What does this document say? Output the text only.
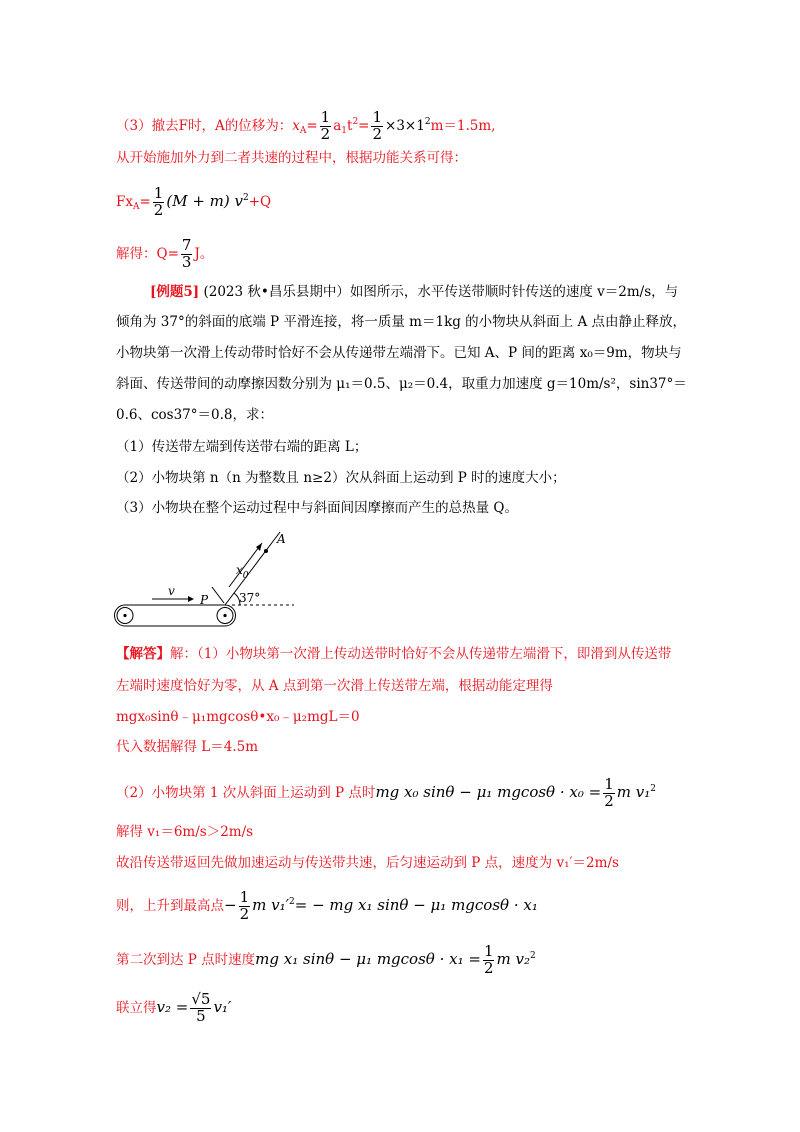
（3）撤去F时，A的位移为：$x_A= \frac{1}{2} a_1t^2= \frac{1}{2} \times 3\times 1^2m=1.5m$,
从开始施加外力到二者共速的过程中，根据功能关系可得：
$Fx_A= \frac{1}{2} (M + m)$ $v^2+Q$
解得：$Q= \frac{7}{3}$ J。
[例题5] (2023 秋•昌乐县期中）如图所示，水平传送带顺时针传送的速度 v＝2m/s，与
倾角为 37°的斜面的底端 P 平滑连接，将一质量 m＝1kg 的小物块从斜面上 A 点由静止释放，
小物块第一次滑上传动带时恰好不会从传递带左端滑下。已知 A、P 间的距离 x₀＝9m，物块与
斜面、传送带间的动摩擦因数分别为 μ₁＝0.5、μ₂＝0.4，取重力加速度 g＝10m/s²，sin37°＝
0.6、cos37°＝0.8，求：
（1）传送带左端到传送带右端的距离 L；
（2）小物块第 n（n 为整数且 n≥2）次从斜面上运动到 P 时的速度大小；
（3）小物块在整个运动过程中与斜面间因摩擦而产生的总热量 Q。
v	37°
P
A
$x_0$
【解答】解：（1）小物块第一次滑上传动送带时恰好不会从传递带左端滑下，即滑到从传送带
左端时速度恰好为零，从 A 点到第一次滑上传送带左端，根据动能定理得
mgx₀sinθ﹣μ₁mgcosθ•x₀﹣μ₂mgL＝0
代入数据解得 L＝4.5m
（2）小物块第 1 次从斜面上运动到 P 点时mg x₀ sinθ − μ₁ $mgcos\theta \cdot x_0 = \frac{1}{2}$ m v₁$^2$
解得 v₁＝6m/s＞2m/s
故沿传送带返回先做加速运动与传送带共速，后匀速运动到 P 点，速度为 v₁′＝2m/s
则，上升到最高点− $\frac{1}{2}$ m $v_1'^2=$ − mg x₁ sinθ − μ₁ mgcosθ · x₁
第二次到达 P 点时速度mg x₁ sinθ − μ₁ $mgcos\theta \cdot x_1 = \frac{1}{2}$ m v₂$^2$
联立得$v_2 = \frac{√5}{5} v_1'$
